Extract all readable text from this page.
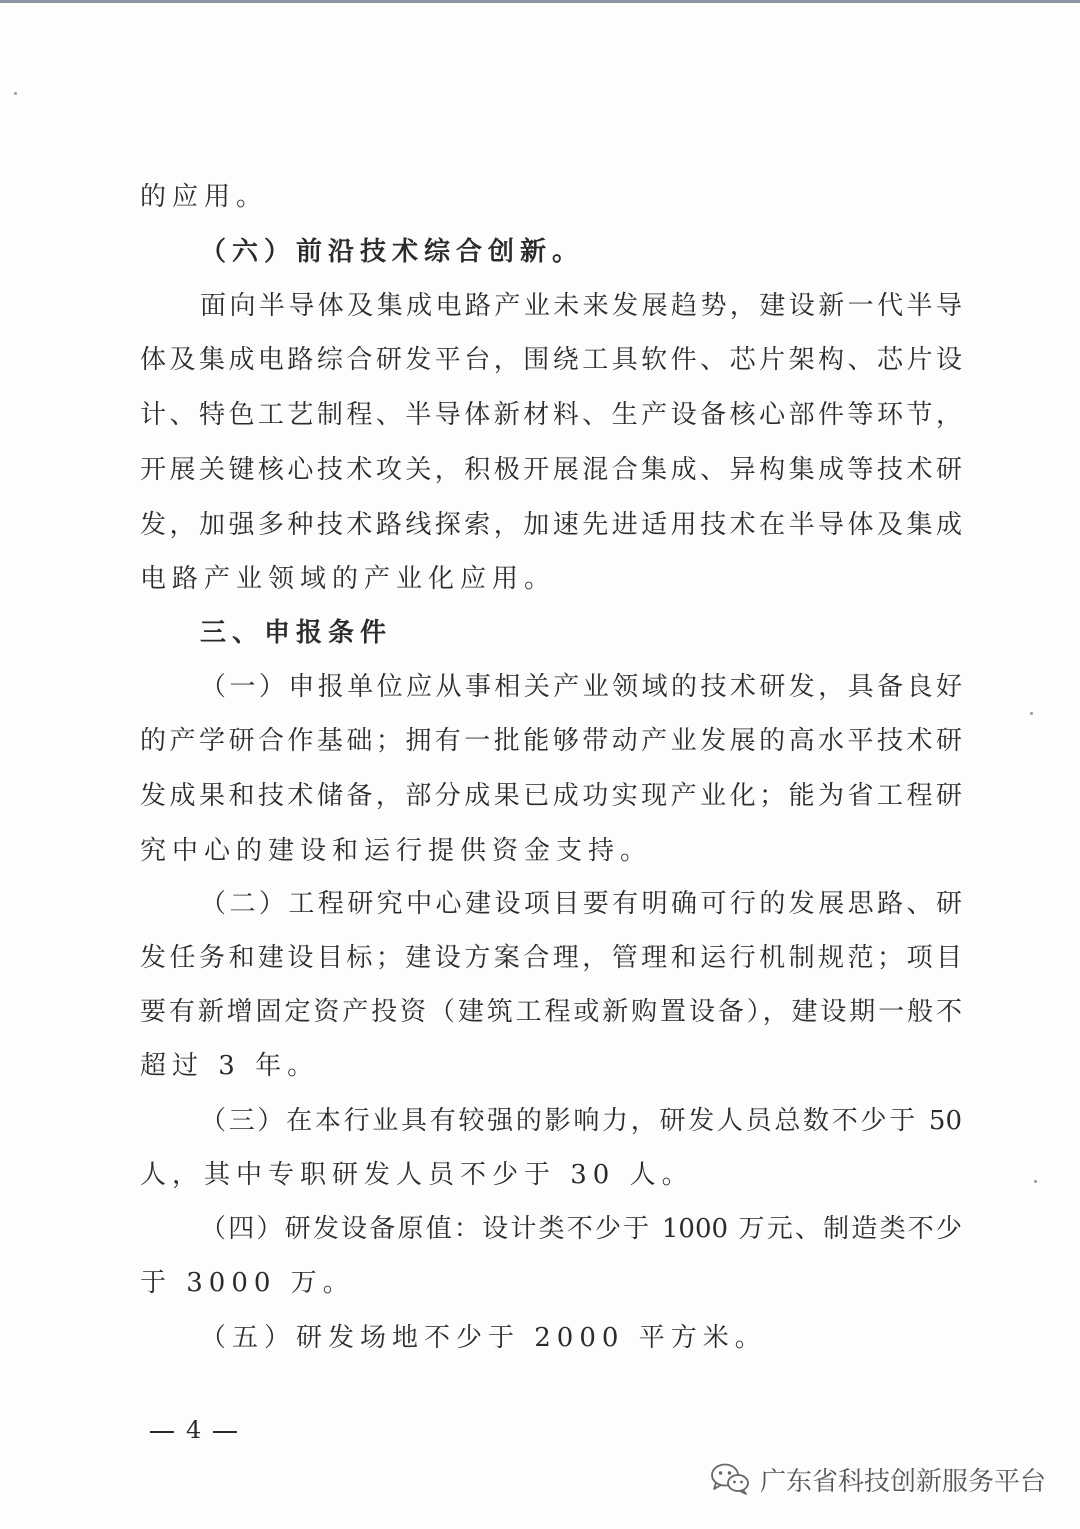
的应用。
（六）前沿技术综合创新。
面向半导体及集成电路产业未来发展趋势，建设新一代半导
体及集成电路综合研发平台，围绕工具软件、芯片架构、芯片设
计、特色工艺制程、半导体新材料、生产设备核心部件等环节，
开展关键核心技术攻关，积极开展混合集成、异构集成等技术研
发，加强多种技术路线探索，加速先进适用技术在半导体及集成
电路产业领域的产业化应用。
三、申报条件
（一）申报单位应从事相关产业领域的技术研发，具备良好
的产学研合作基础；拥有一批能够带动产业发展的高水平技术研
发成果和技术储备，部分成果已成功实现产业化；能为省工程研
究中心的建设和运行提供资金支持。
（二）工程研究中心建设项目要有明确可行的发展思路、研
发任务和建设目标；建设方案合理，管理和运行机制规范；项目
要有新增固定资产投资（建筑工程或新购置设备），建设期一般不
超过 3 年。
（三）在本行业具有较强的影响力，研发人员总数不少于 50
人，其中专职研发人员不少于 30 人。
（四）研发设备原值：设计类不少于 1000 万元、制造类不少
于 3000 万。
（五）研发场地不少于 2000 平方米。
4
广东省科技创新服务平台
